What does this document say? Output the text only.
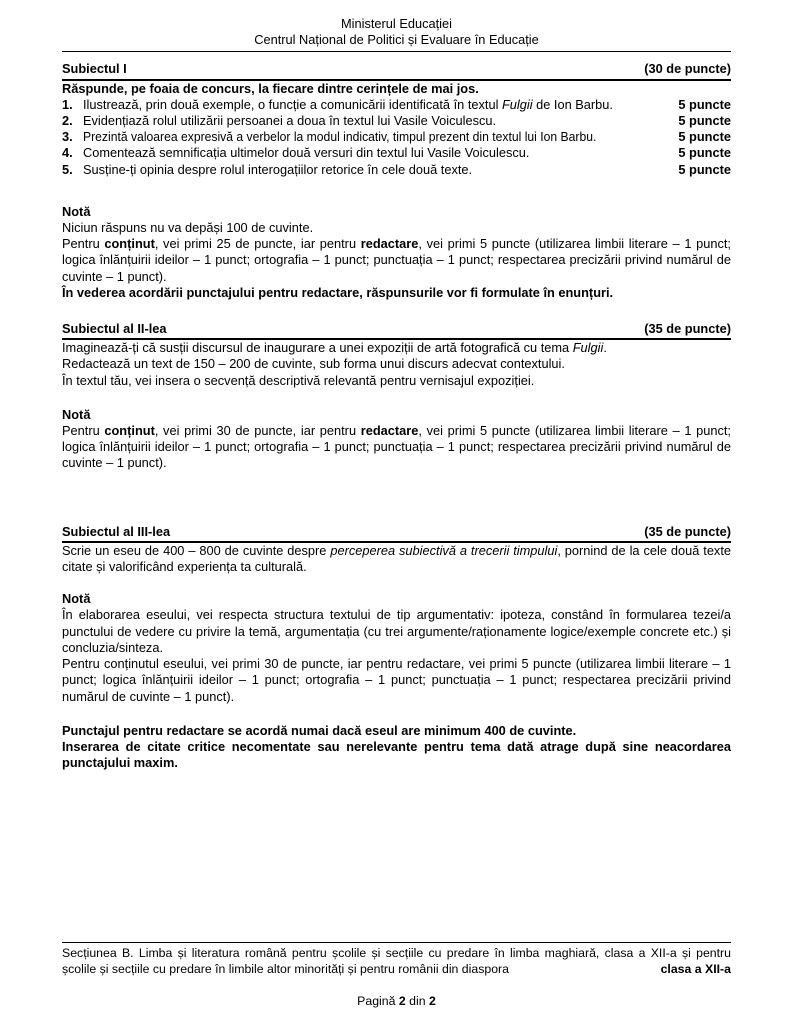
Ministerul Educației
Centrul Național de Politici și Evaluare în Educație
Subiectul I	(30 de puncte)
Răspunde, pe foaia de concurs, la fiecare dintre cerințele de mai jos.
1. Ilustrează, prin două exemple, o funcție a comunicării identificată în textul Fulgii de Ion Barbu.	5 puncte
2. Evidențiază rolul utilizării persoanei a doua în textul lui Vasile Voiculescu.	5 puncte
3. Prezintă valoarea expresivă a verbelor la modul indicativ, timpul prezent din textul lui Ion Barbu.	5 puncte
4. Comentează semnificația ultimelor două versuri din textul lui Vasile Voiculescu.	5 puncte
5. Susține-ți opinia despre rolul interogațiilor retorice în cele două texte.	5 puncte
Notă
Niciun răspuns nu va depăși 100 de cuvinte.
Pentru conținut, vei primi 25 de puncte, iar pentru redactare, vei primi 5 puncte (utilizarea limbii literare – 1 punct; logica înlănțuirii ideilor – 1 punct; ortografia – 1 punct; punctuația – 1 punct; respectarea precizării privind numărul de cuvinte – 1 punct).
În vederea acordării punctajului pentru redactare, răspunsurile vor fi formulate în enunțuri.
Subiectul al II-lea	(35 de puncte)
Imaginează-ți că susții discursul de inaugurare a unei expoziții de artă fotografică cu tema Fulgii.
Redactează un text de 150 – 200 de cuvinte, sub forma unui discurs adecvat contextului.
În textul tău, vei insera o secvență descriptivă relevantă pentru vernisajul expoziției.
Notă
Pentru conținut, vei primi 30 de puncte, iar pentru redactare, vei primi 5 puncte (utilizarea limbii literare – 1 punct; logica înlănțuirii ideilor – 1 punct; ortografia – 1 punct; punctuația – 1 punct; respectarea precizării privind numărul de cuvinte – 1 punct).
Subiectul al III-lea	(35 de puncte)
Scrie un eseu de 400 – 800 de cuvinte despre perceperea subiectivă a trecerii timpului, pornind de la cele două texte citate și valorificând experiența ta culturală.
Notă
În elaborarea eseului, vei respecta structura textului de tip argumentativ: ipoteza, constând în formularea tezei/a punctului de vedere cu privire la temă, argumentația (cu trei argumente/raționamente logice/exemple concrete etc.) și concluzia/sinteza.
Pentru conținutul eseului, vei primi 30 de puncte, iar pentru redactare, vei primi 5 puncte (utilizarea limbii literare – 1 punct; logica înlănțuirii ideilor – 1 punct; ortografia – 1 punct; punctuația – 1 punct; respectarea precizării privind numărul de cuvinte – 1 punct).
Punctajul pentru redactare se acordă numai dacă eseul are minimum 400 de cuvinte.
Inserarea de citate critice necomentate sau nerelevante pentru tema dată atrage după sine neacordarea punctajului maxim.
Secțiunea B. Limba și literatura română pentru școlile și secțiile cu predare în limba maghiară, clasa a XII-a și pentru școlile și secțiile cu predare în limbile altor minorități și pentru românii din diaspora	clasa a XII-a
Pagină 2 din 2
